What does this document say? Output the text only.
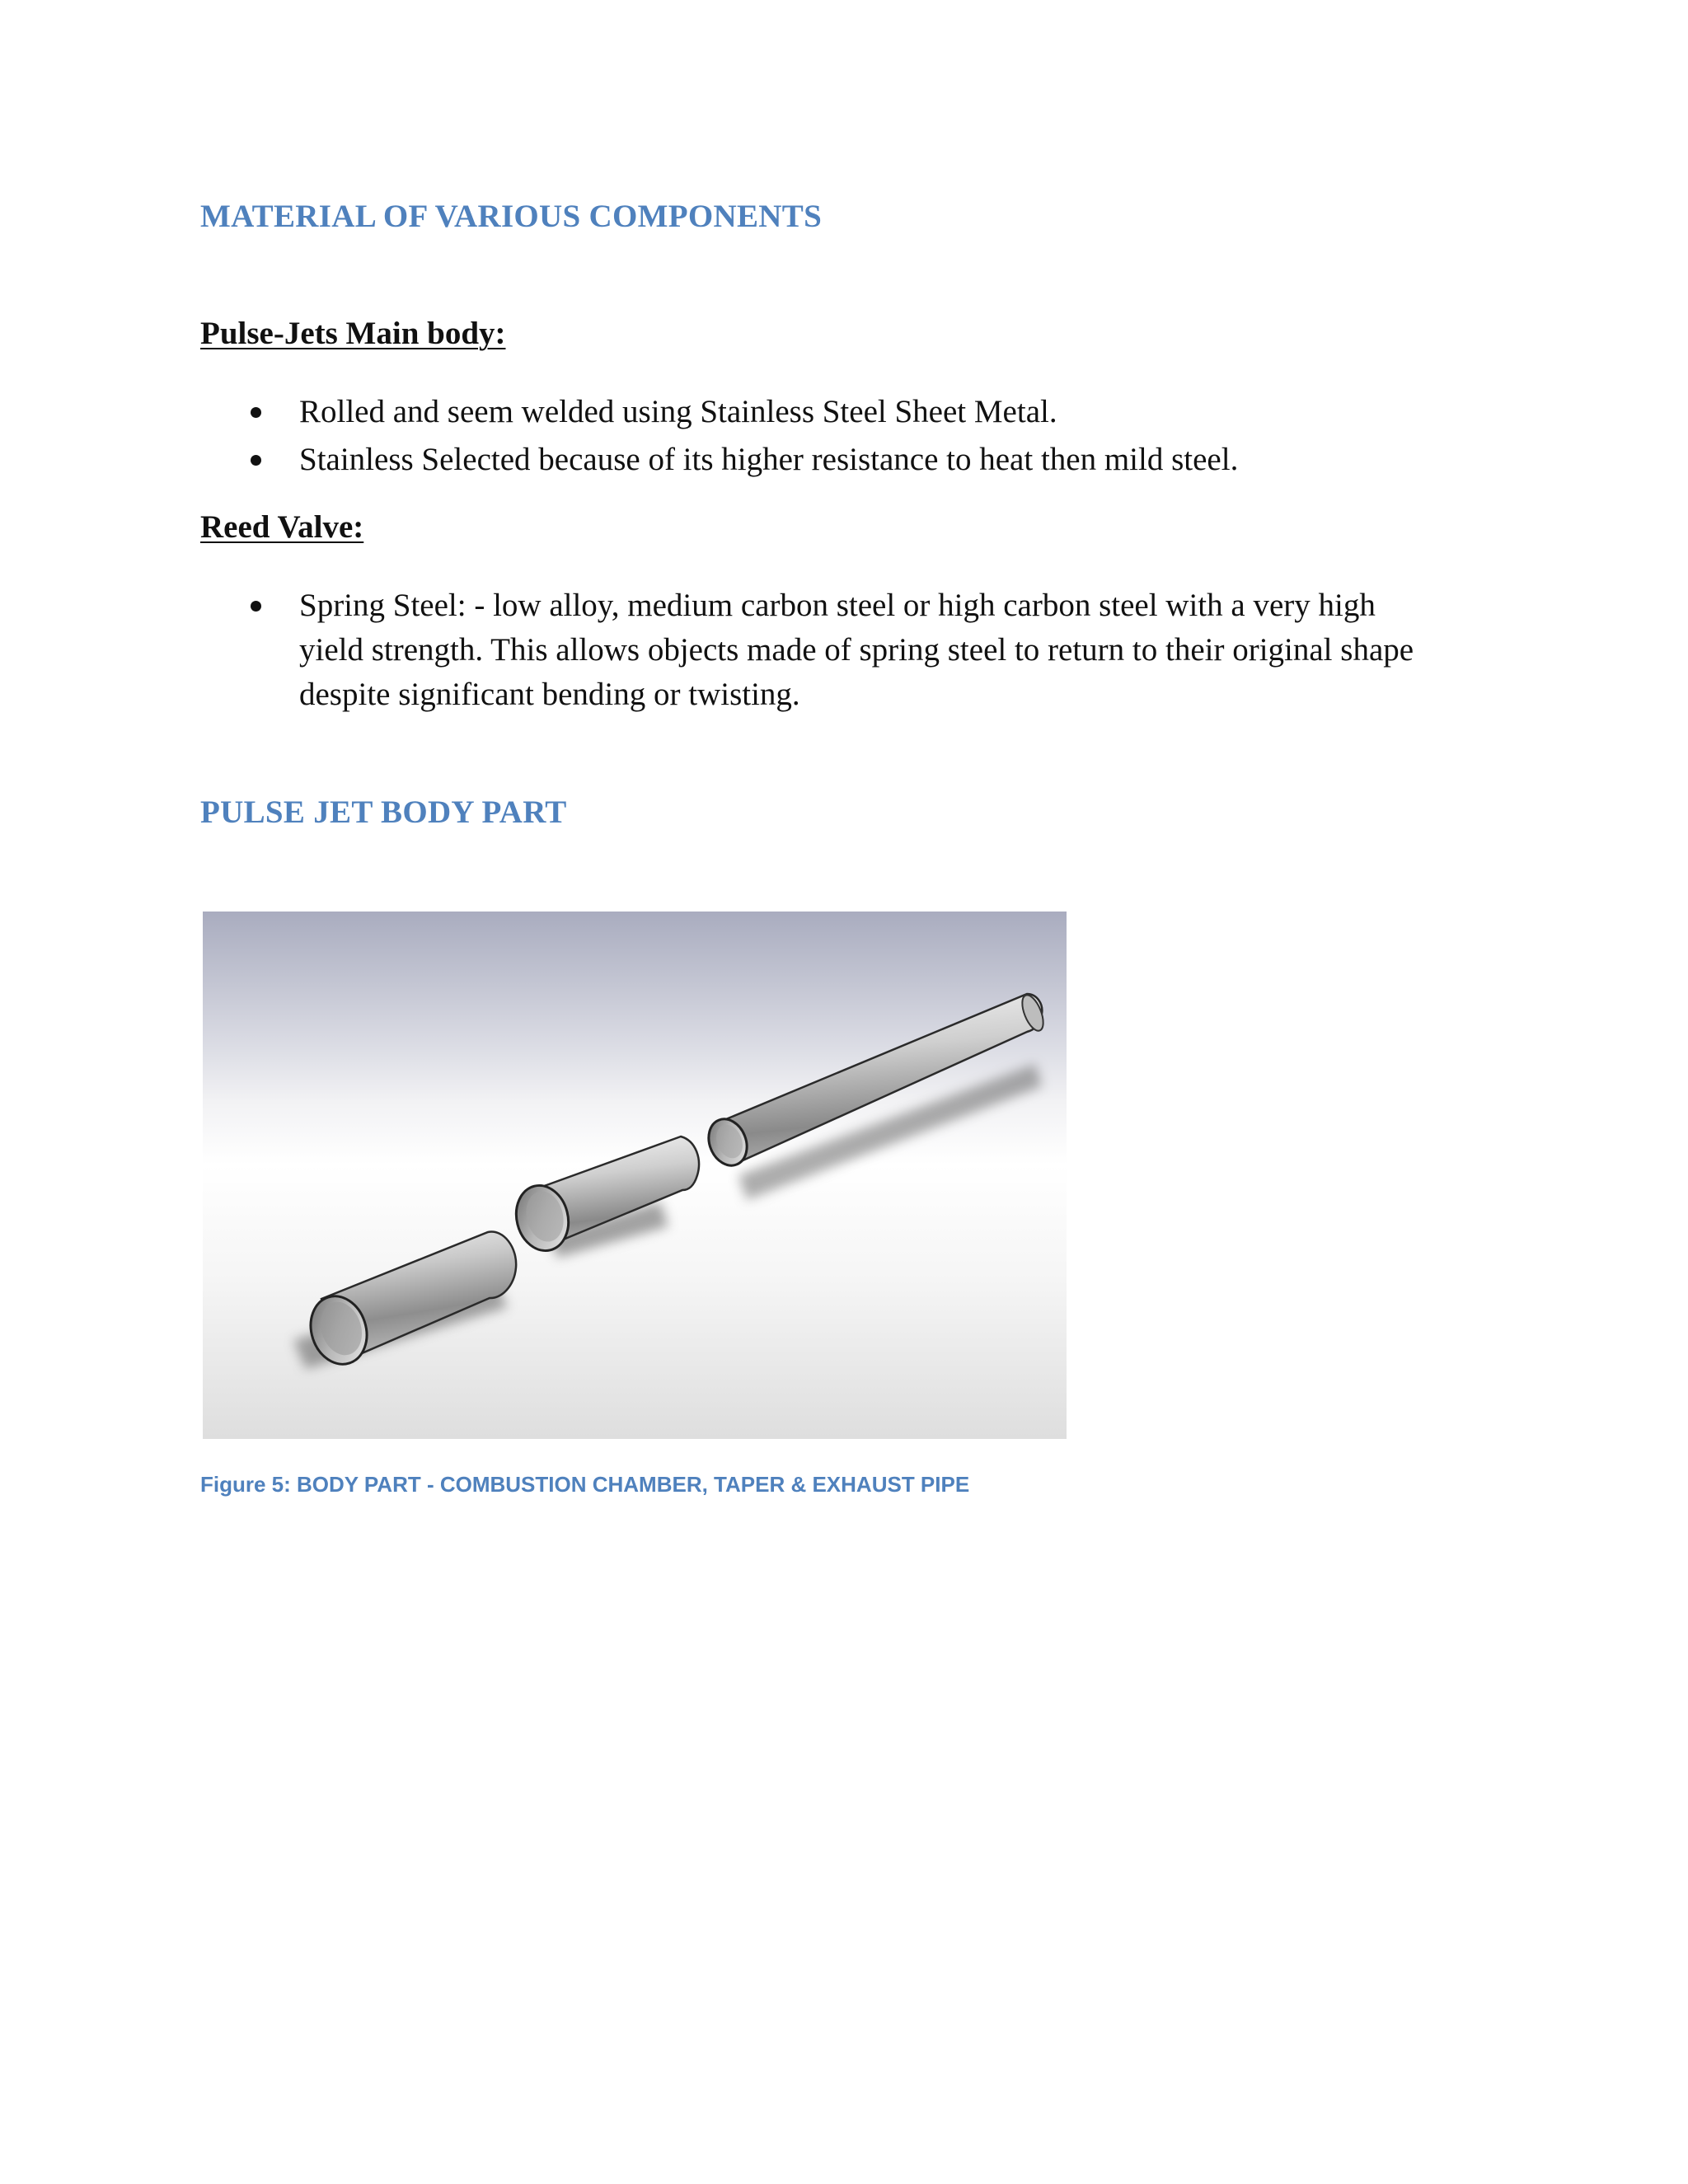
MATERIAL OF VARIOUS COMPONENTS
Pulse-Jets Main body:
Rolled and seem welded using Stainless Steel Sheet Metal.
Stainless Selected because of its higher resistance to heat then mild steel.
Reed Valve:
Spring Steel: - low alloy, medium carbon steel or high carbon steel with a very high yield strength. This allows objects made of spring steel to return to their original shape despite significant bending or twisting.
PULSE JET BODY PART

Figure 5: BODY PART - COMBUSTION CHAMBER, TAPER & EXHAUST PIPE
